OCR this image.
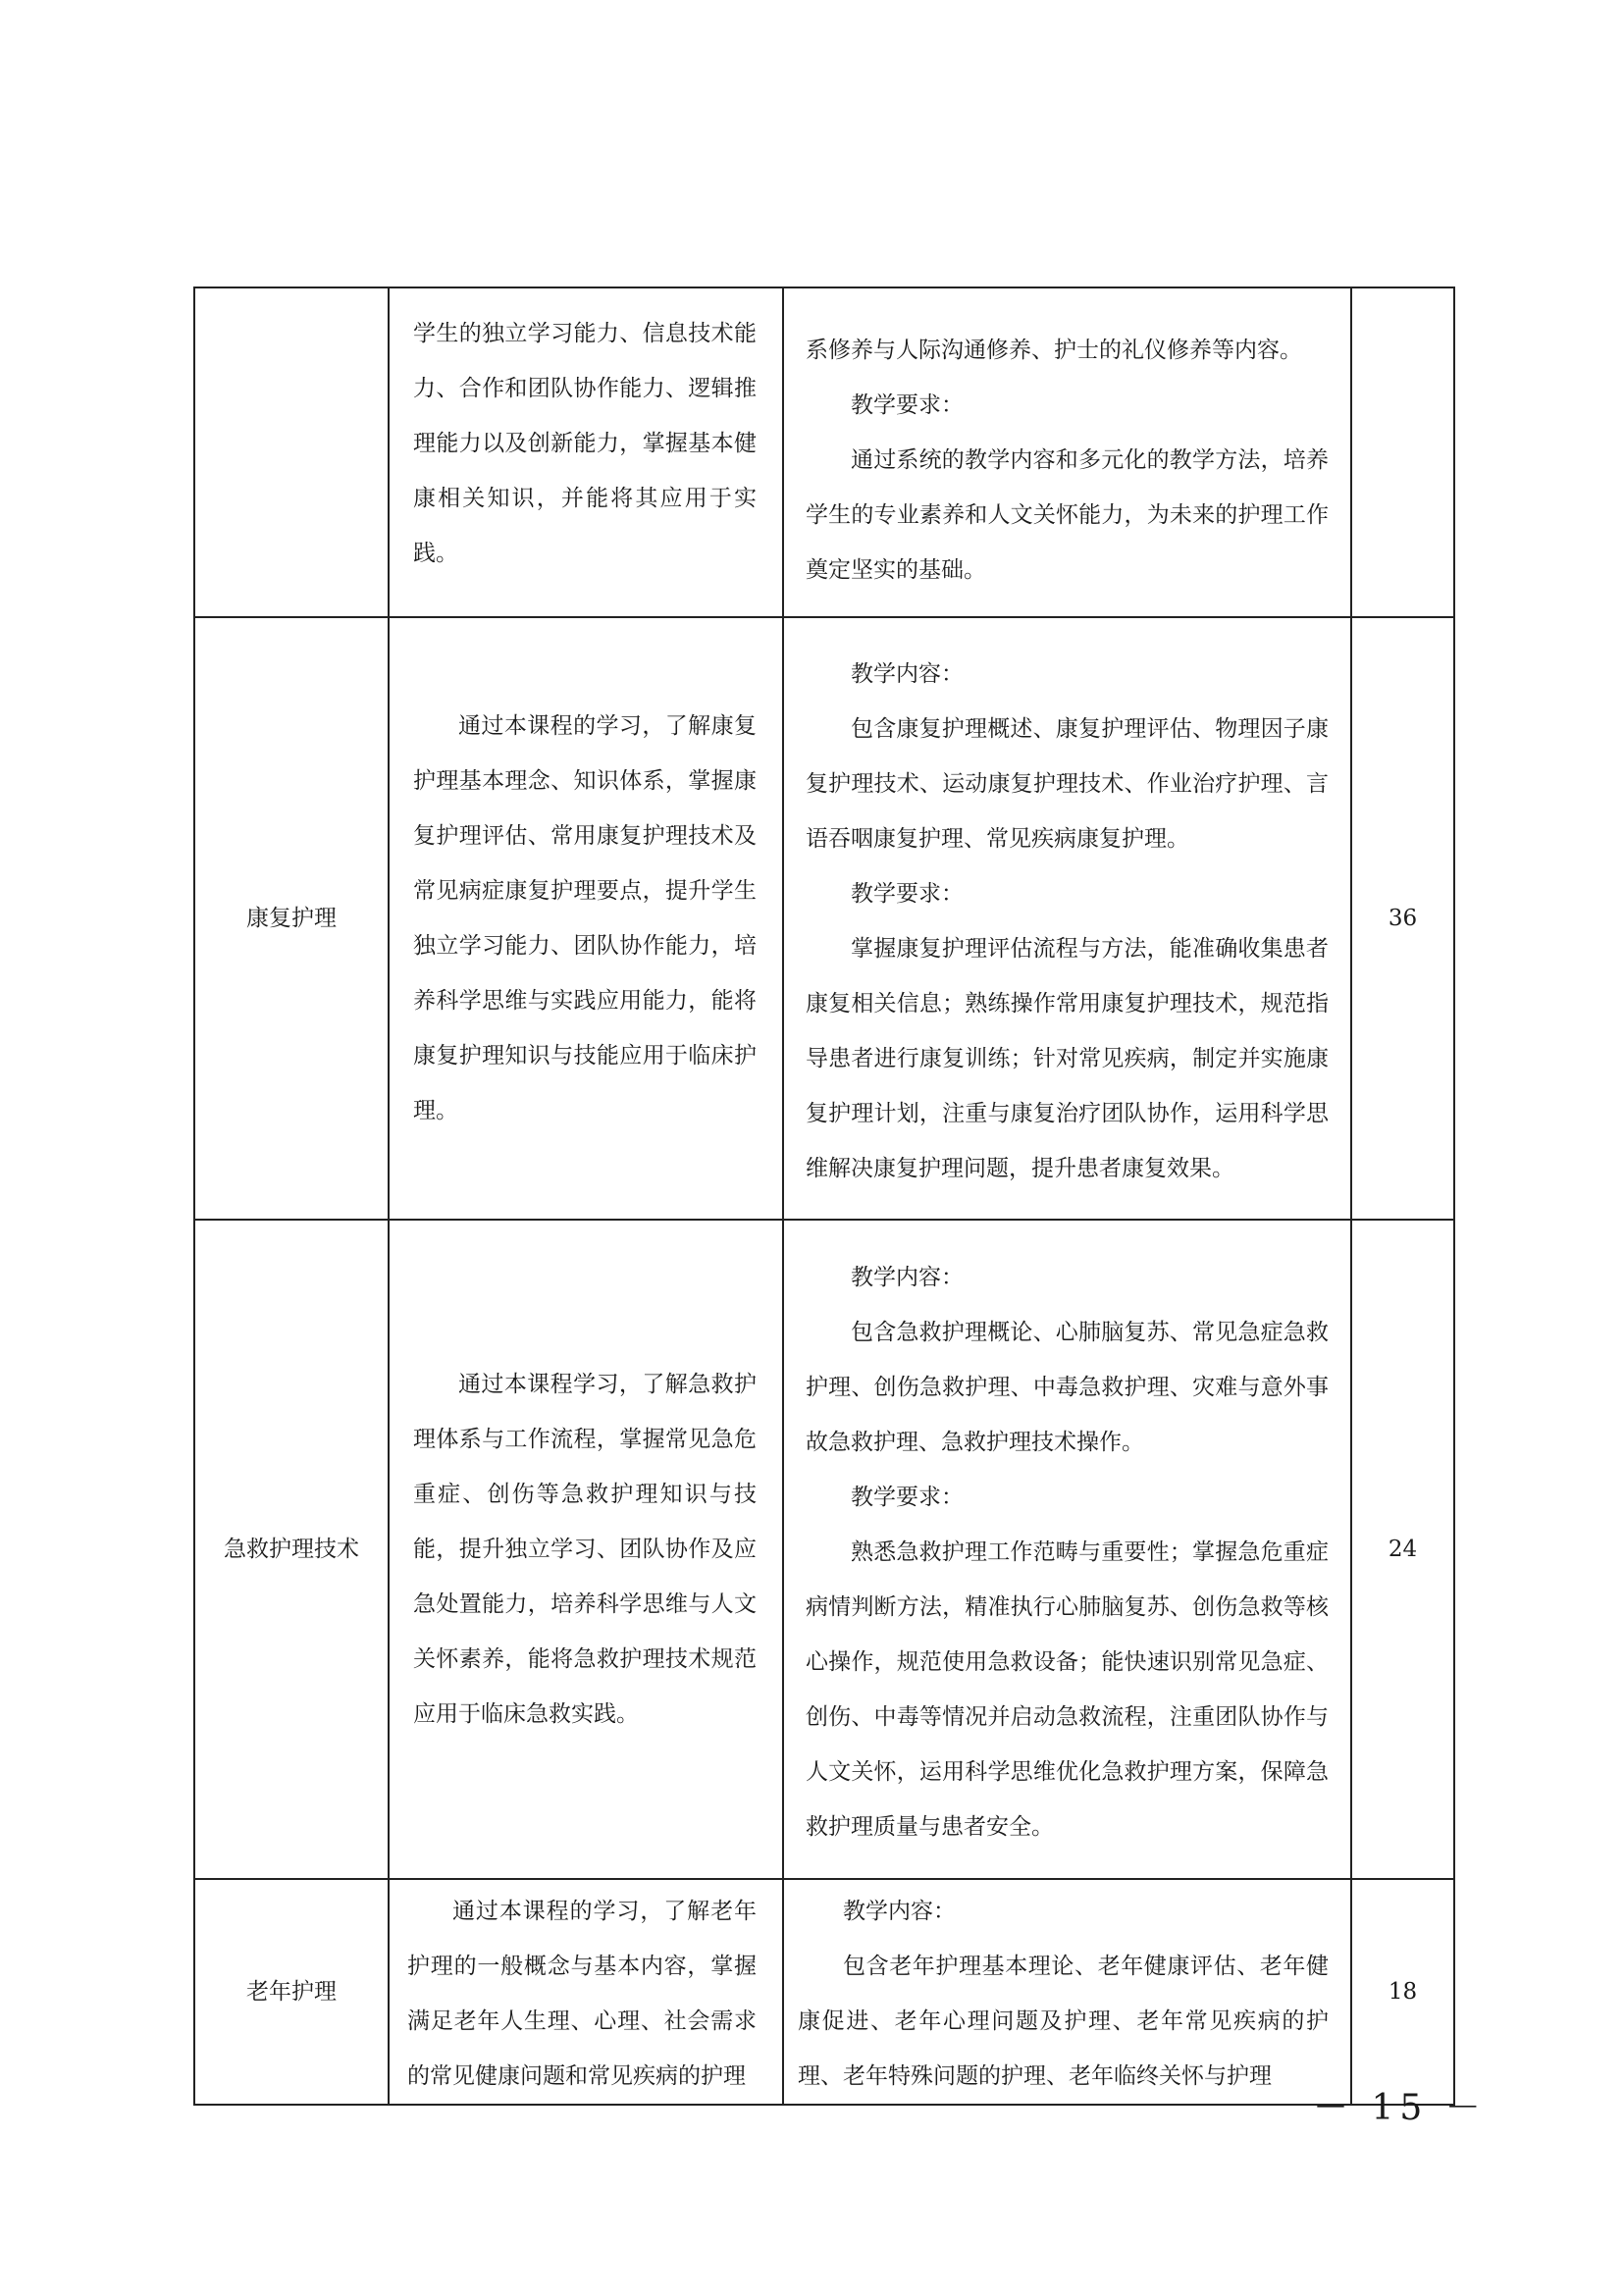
	学生的独立学习能力、信息技术能力、合作和团队协作能力、逻辑推理能力以及创新能力，掌握基本健康相关知识，并能将其应用于实践。	系修养与人际沟通修养、护士的礼仪修养等内容。

教学要求：

通过系统的教学内容和多元化的教学方法，培养学生的专业素养和人文关怀能力，为未来的护理工作奠定坚实的基础。	

康复护理	通过本课程的学习，了解康复护理基本理念、知识体系，掌握康复护理评估、常用康复护理技术及常见病症康复护理要点，提升学生独立学习能力、团队协作能力，培养科学思维与实践应用能力，能将康复护理知识与技能应用于临床护理。	教学内容：

包含康复护理概述、康复护理评估、物理因子康复护理技术、运动康复护理技术、作业治疗护理、言语吞咽康复护理、常见疾病康复护理。

教学要求：

掌握康复护理评估流程与方法，能准确收集患者康复相关信息；熟练操作常用康复护理技术，规范指导患者进行康复训练；针对常见疾病，制定并实施康复护理计划，注重与康复治疗团队协作，运用科学思维解决康复护理问题，提升患者康复效果。	36
急救护理技术	通过本课程学习，了解急救护理体系与工作流程，掌握常见急危重症、创伤等急救护理知识与技能，提升独立学习、团队协作及应急处置能力，培养科学思维与人文关怀素养，能将急救护理技术规范应用于临床急救实践。	教学内容：

包含急救护理概论、心肺脑复苏、常见急症急救护理、创伤急救护理、中毒急救护理、灾难与意外事故急救护理、急救护理技术操作。

教学要求：

熟悉急救护理工作范畴与重要性；掌握急危重症病情判断方法，精准执行心肺脑复苏、创伤急救等核心操作，规范使用急救设备；能快速识别常见急症、创伤、中毒等情况并启动急救流程，注重团队协作与人文关怀，运用科学思维优化急救护理方案，保障急救护理质量与患者安全。	24
老年护理	通过本课程的学习，了解老年护理的一般概念与基本内容，掌握满足老年人生理、心理、社会需求的常见健康问题和常见疾病的护理	教学内容：

包含老年护理基本理论、老年健康评估、老年健康促进、老年心理问题及护理、老年常见疾病的护理、老年特殊问题的护理、老年临终关怀与护理	18
－ 15 －
